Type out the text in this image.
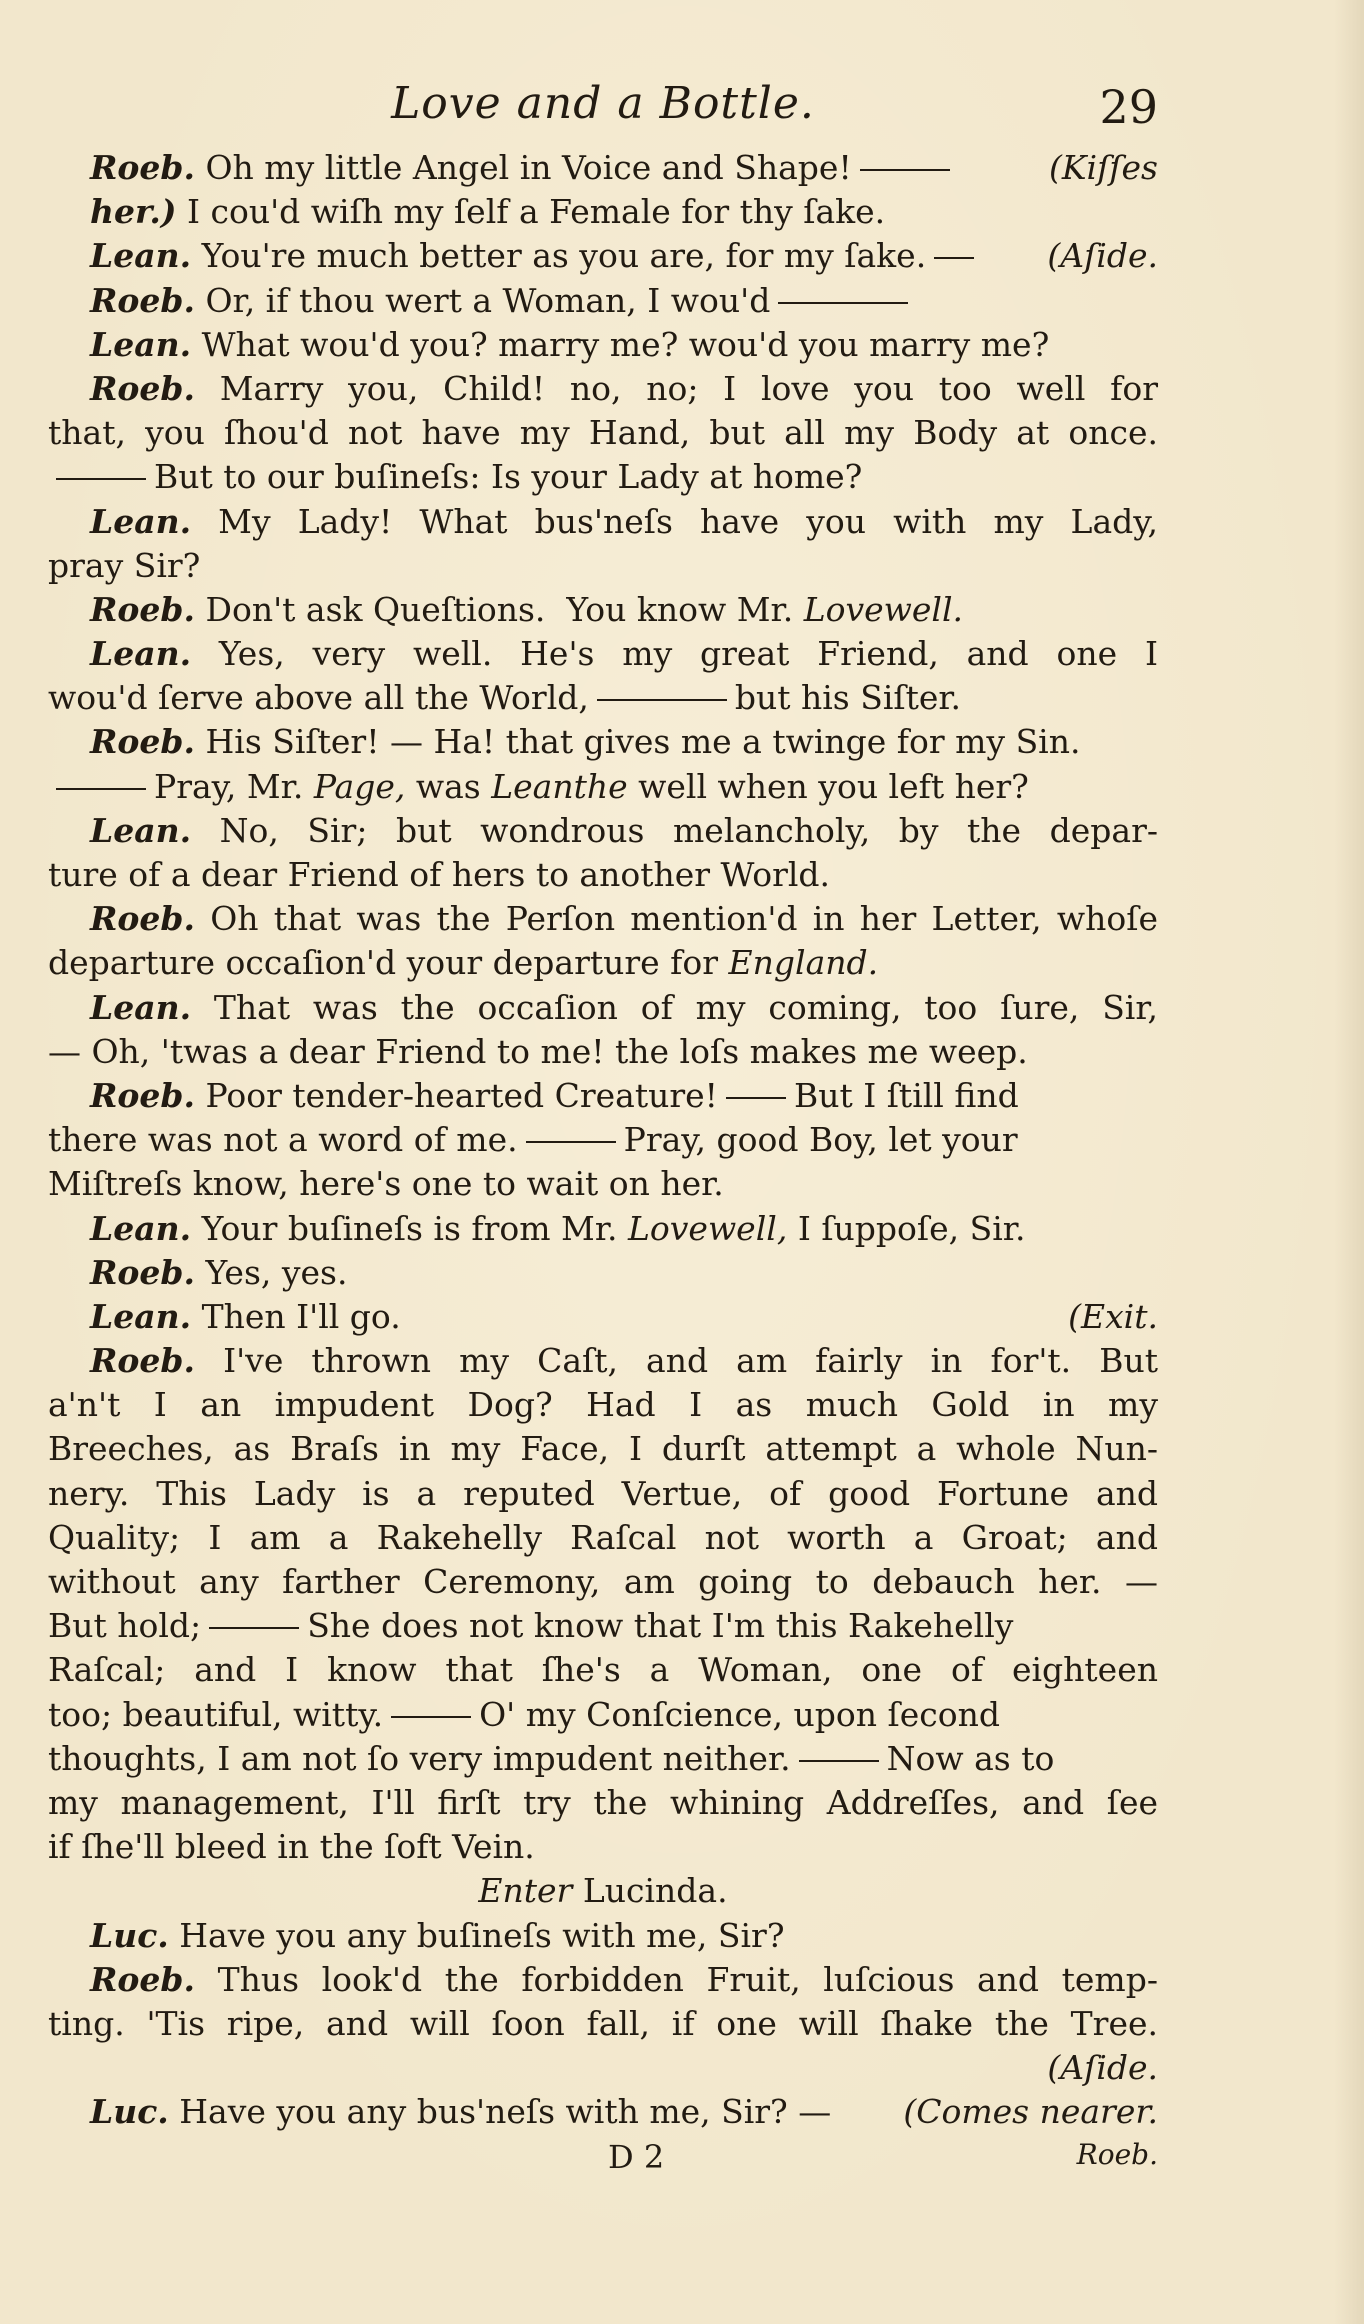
Love and a Bottle.	29
Roeb. Oh my little Angel in Voice and Shape!	(Kiſſes
her.) I cou'd wiſh my ſelf a Female for thy ſake.
Lean. You're much better as you are, for my ſake.	(Aſide.
Roeb. Or, if thou wert a Woman, I wou'd
Lean. What wou'd you? marry me? wou'd you marry me?
Roeb. Marry you, Child! no, no; I love you too well for
that, you ſhou'd not have my Hand, but all my Body at once.
But to our buſineſs: Is your Lady at home?
Lean. My Lady! What bus'neſs have you with my Lady,
pray Sir?
Roeb. Don't ask Queſtions.  You know Mr. Lovewell.
Lean. Yes, very well. He's my great Friend, and one I
wou'd ſerve above all the World,	but his Siſter.
Roeb. His Siſter! — Ha! that gives me a twinge for my Sin.
Pray, Mr. Page, was Leanthe well when you left her?
Lean. No, Sir; but wondrous melancholy, by the depar-
ture of a dear Friend of hers to another World.
Roeb. Oh that was the Perſon mention'd in her Letter, whoſe
departure occaſion'd your departure for England.
Lean. That was the occaſion of my coming, too ſure, Sir,
— Oh, 'twas a dear Friend to me! the loſs makes me weep.
Roeb. Poor tender-hearted Creature! But I ſtill find
there was not a word of me.	Pray, good Boy, let your
Miſtreſs know, here's one to wait on her.
Lean. Your buſineſs is from Mr. Lovewell, I ſuppoſe, Sir.
Roeb. Yes, yes.
Lean. Then I'll go.	(Exit.
Roeb. I've thrown my Caſt, and am fairly in for't. But
a'n't I an impudent Dog? Had I as much Gold in my
Breeches, as Braſs in my Face, I durſt attempt a whole Nun-
nery. This Lady is a reputed Vertue, of good Fortune and
Quality; I am a Rakehelly Raſcal not worth a Groat; and
without any farther Ceremony, am going to debauch her. —
But hold;	She does not know that I'm this Rakehelly
Raſcal; and I know that ſhe's a Woman, one of eighteen
too; beautiful, witty.	O' my Conſcience, upon ſecond
thoughts, I am not ſo very impudent neither.	Now as to
my management, I'll firſt try the whining Addreſſes, and ſee
if ſhe'll bleed in the ſoft Vein.
Enter Lucinda.
Luc. Have you any buſineſs with me, Sir?
Roeb. Thus look'd the forbidden Fruit, luſcious and temp-
ting. 'Tis ripe, and will ſoon fall, if one will ſhake the Tree.
(Aſide.
Luc. Have you any bus'neſs with me, Sir? — (Comes nearer.
D 2	Roeb.
